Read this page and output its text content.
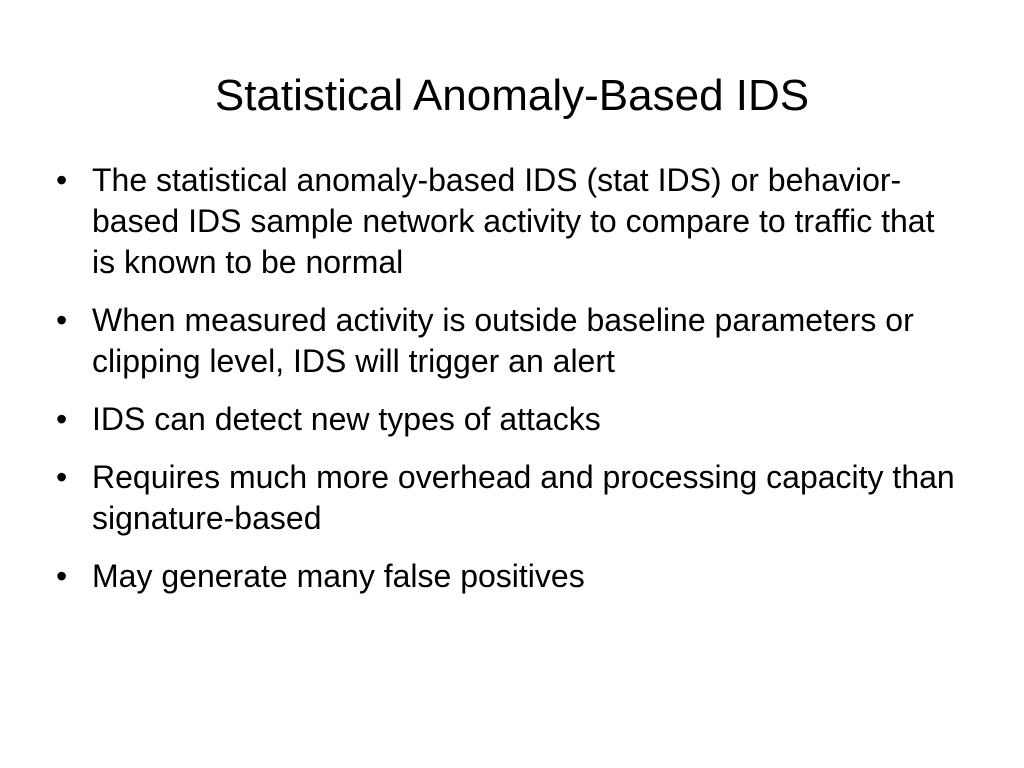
Statistical Anomaly-Based IDS
• The statistical anomaly-based IDS (stat IDS) or behavior-based IDS sample network activity to compare to traffic that is known to be normal
• When measured activity is outside baseline parameters or clipping level, IDS will trigger an alert
• IDS can detect new types of attacks
• Requires much more overhead and processing capacity than signature-based
• May generate many false positives
